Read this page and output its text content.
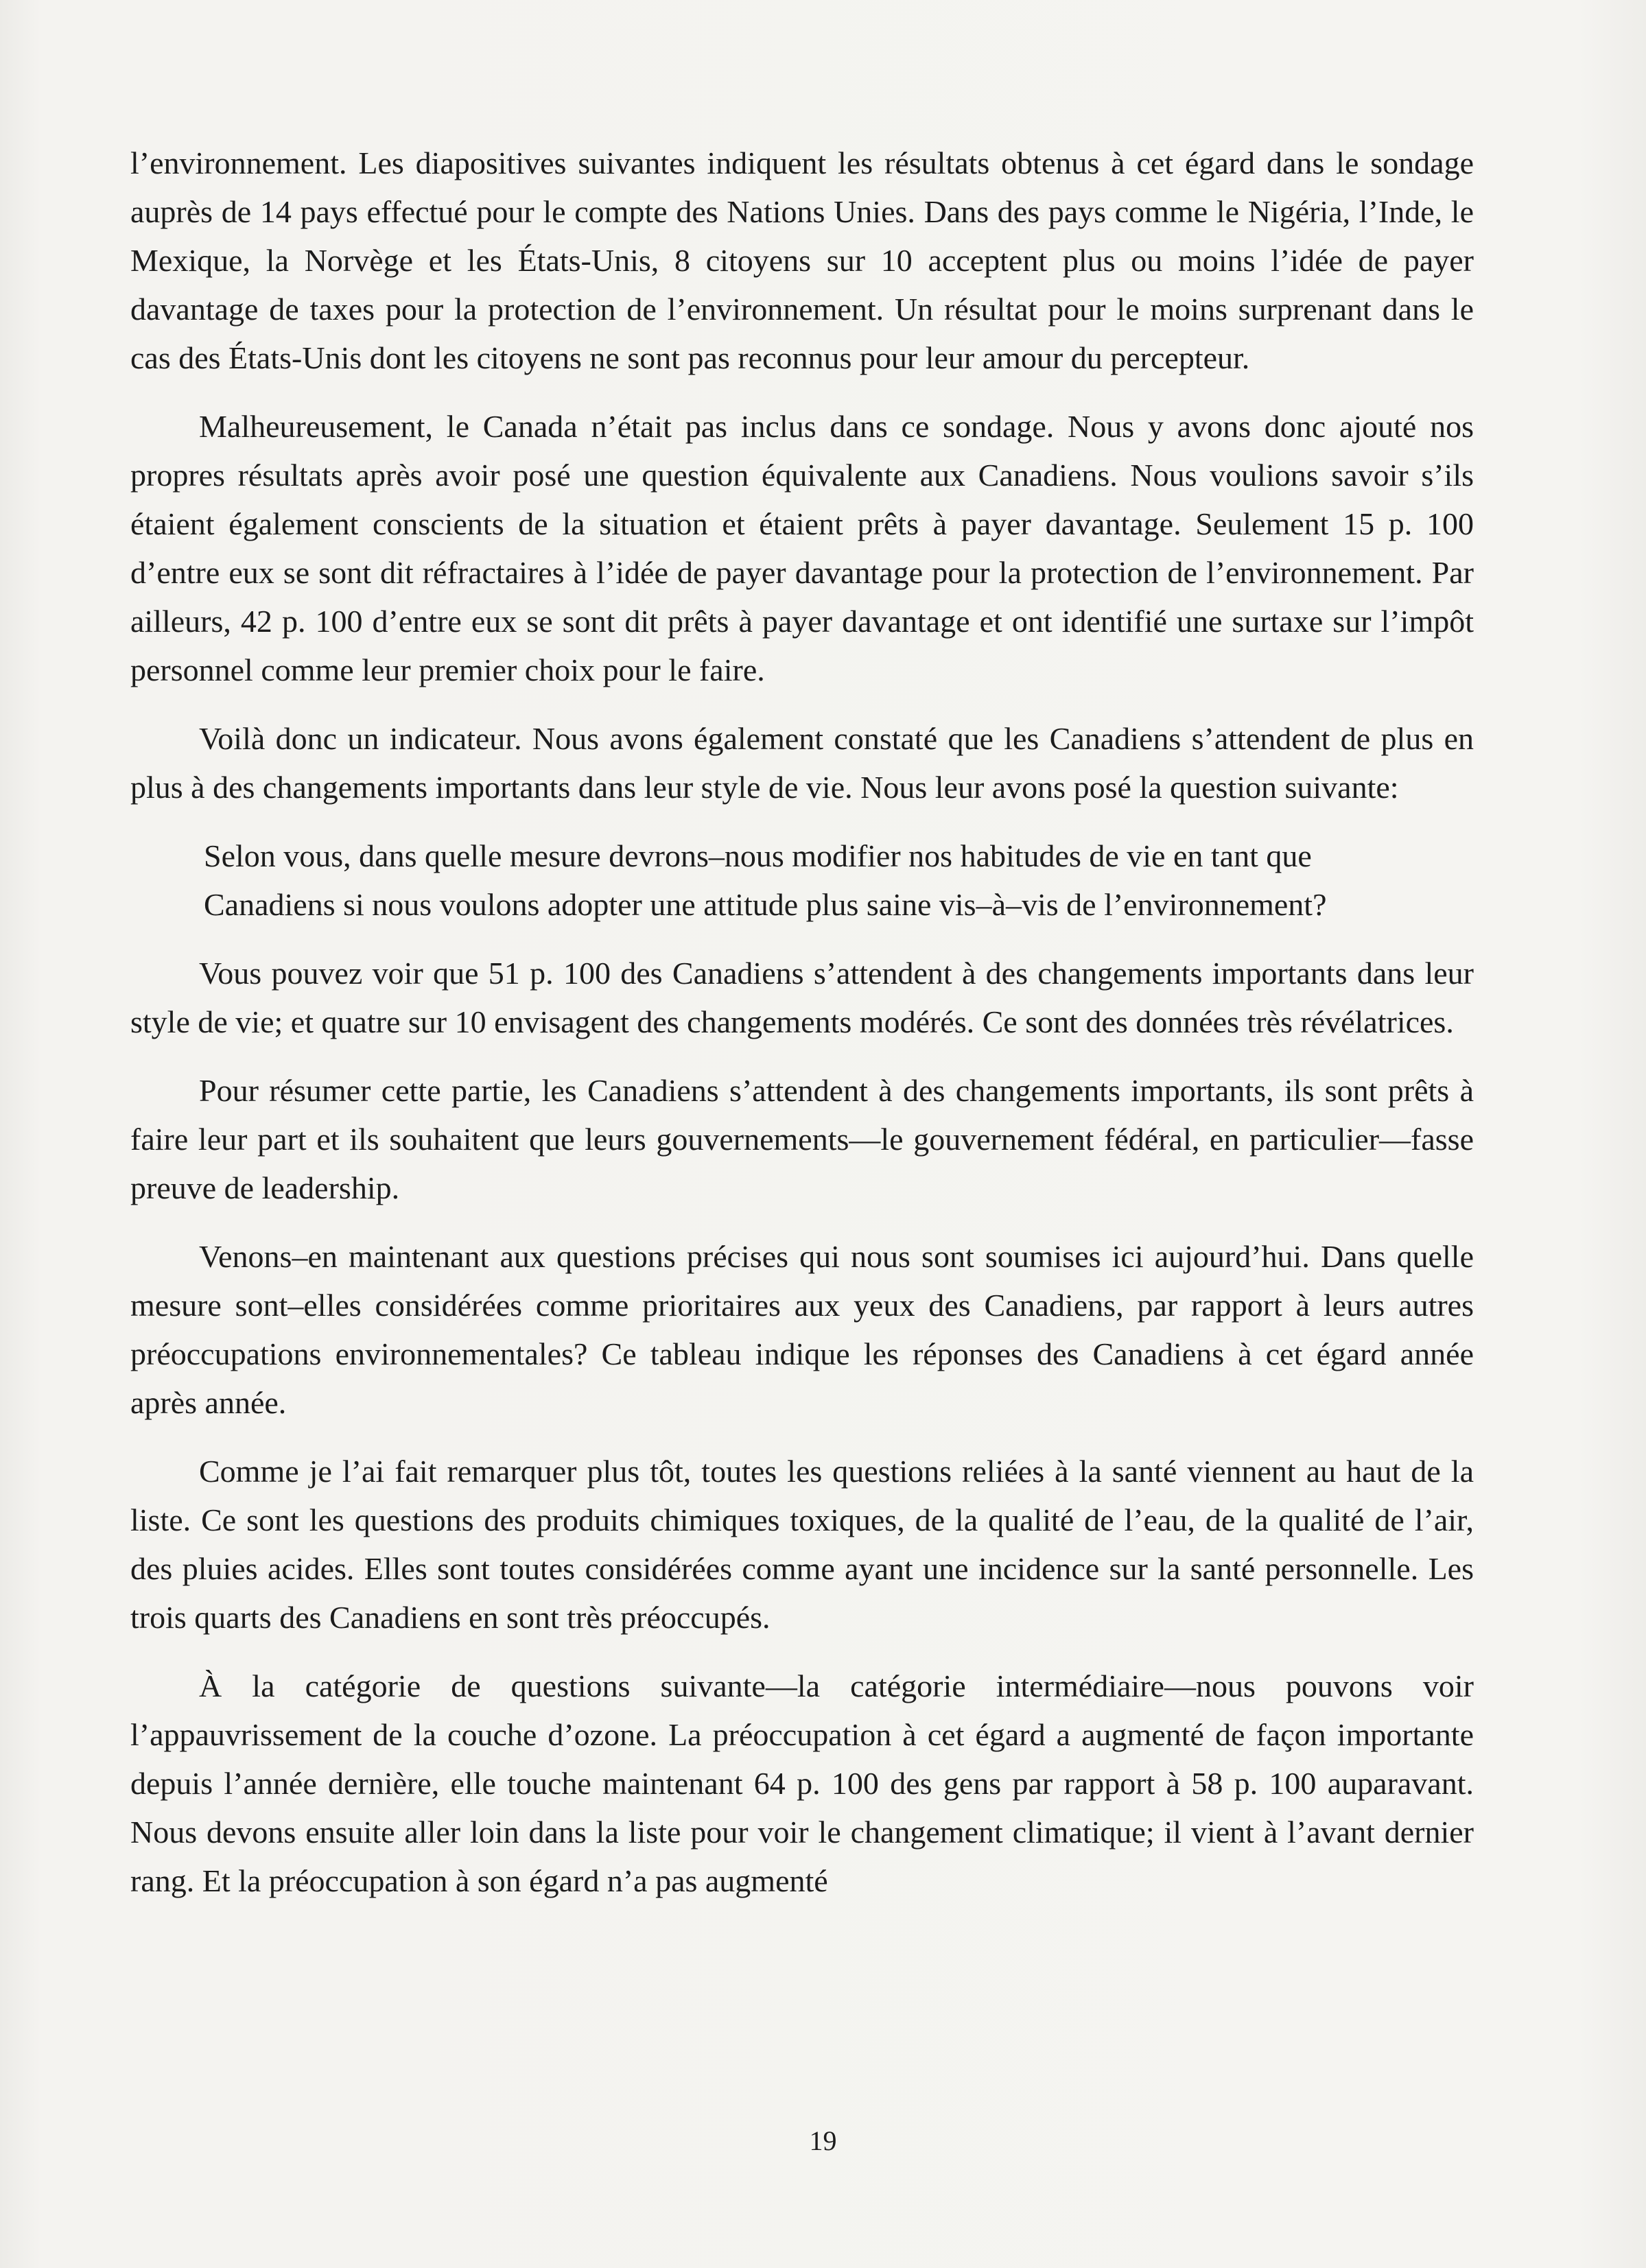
l’environnement. Les diapositives suivantes indiquent les résultats obtenus à cet égard dans le sondage auprès de 14 pays effectué pour le compte des Nations Unies. Dans des pays comme le Nigéria, l’Inde, le Mexique, la Norvège et les États-Unis, 8 citoyens sur 10 acceptent plus ou moins l’idée de payer davantage de taxes pour la protection de l’environnement. Un résultat pour le moins surprenant dans le cas des États-Unis dont les citoyens ne sont pas reconnus pour leur amour du percepteur.

Malheureusement, le Canada n’était pas inclus dans ce sondage. Nous y avons donc ajouté nos propres résultats après avoir posé une question équivalente aux Canadiens. Nous voulions savoir s’ils étaient également conscients de la situation et étaient prêts à payer davantage. Seulement 15 p. 100 d’entre eux se sont dit réfractaires à l’idée de payer davantage pour la protection de l’environnement. Par ailleurs, 42 p. 100 d’entre eux se sont dit prêts à payer davantage et ont identifié une surtaxe sur l’impôt personnel comme leur premier choix pour le faire.

Voilà donc un indicateur. Nous avons également constaté que les Canadiens s’attendent de plus en plus à des changements importants dans leur style de vie. Nous leur avons posé la question suivante:

Selon vous, dans quelle mesure devrons–nous modifier nos habitudes de vie en tant que Canadiens si nous voulons adopter une attitude plus saine vis–à–vis de l’environnement?

Vous pouvez voir que 51 p. 100 des Canadiens s’attendent à des changements importants dans leur style de vie; et quatre sur 10 envisagent des changements modérés. Ce sont des données très révélatrices.

Pour résumer cette partie, les Canadiens s’attendent à des changements importants, ils sont prêts à faire leur part et ils souhaitent que leurs gouvernements—le gouvernement fédéral, en particulier—fasse preuve de leadership.

Venons–en maintenant aux questions précises qui nous sont soumises ici aujourd’hui. Dans quelle mesure sont–elles considérées comme prioritaires aux yeux des Canadiens, par rapport à leurs autres préoccupations environnementales? Ce tableau indique les réponses des Canadiens à cet égard année après année.

Comme je l’ai fait remarquer plus tôt, toutes les questions reliées à la santé viennent au haut de la liste. Ce sont les questions des produits chimiques toxiques, de la qualité de l’eau, de la qualité de l’air, des pluies acides. Elles sont toutes considérées comme ayant une incidence sur la santé personnelle. Les trois quarts des Canadiens en sont très préoccupés.

À la catégorie de questions suivante—la catégorie intermédiaire—nous pouvons voir l’appauvrissement de la couche d’ozone. La préoccupation à cet égard a augmenté de façon importante depuis l’année dernière, elle touche maintenant 64 p. 100 des gens par rapport à 58 p. 100 auparavant. Nous devons ensuite aller loin dans la liste pour voir le changement climatique; il vient à l’avant dernier rang. Et la préoccupation à son égard n’a pas augmenté

19
